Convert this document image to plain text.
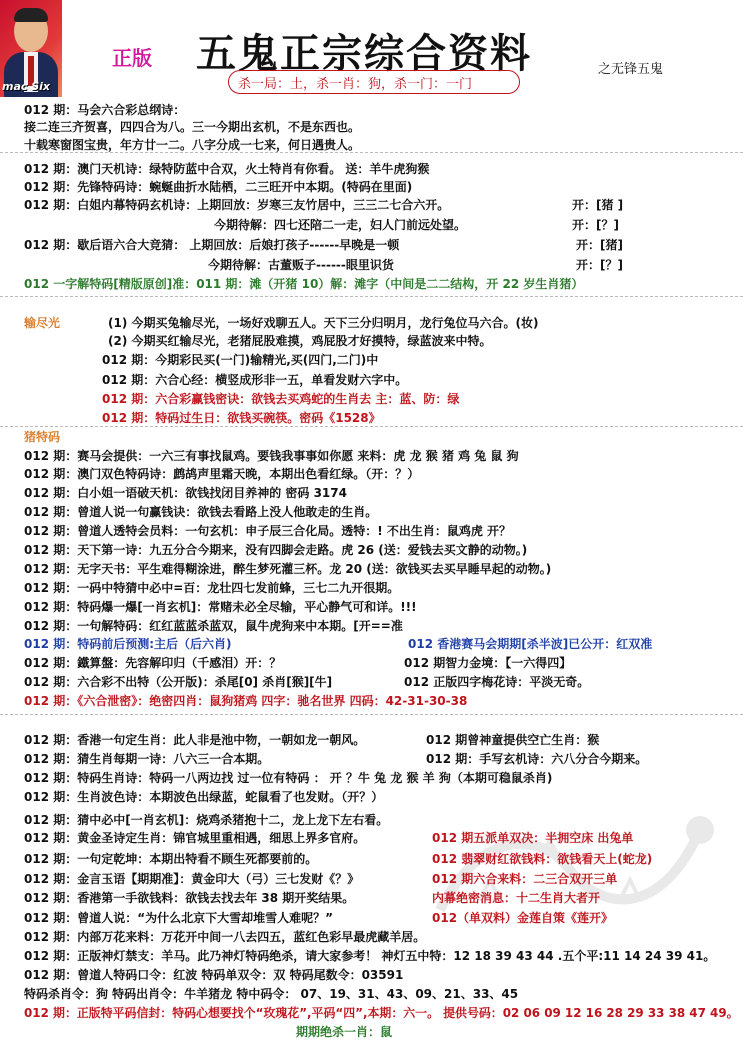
mac Six
正版 五鬼正宗综合资料
杀一局：土，杀一肖：狗，杀一门：一门
之无锋五鬼
012 期：马会六合彩总纲诗：
接二连三齐贺喜，四四合为八。三一今期出玄机，不是东西也。
十载寒窗图宝贵，年方廿一二。八字分成一七来，何日遇贵人。
012 期：澳门天机诗：绿特防蓝中合双，火土特肖有你看。 送：羊牛虎狗猴
012 期：先锋特码诗：蜿蜒曲折水陆栖，二三旺开中本期。(特码在里面)
012 期：白姐内幕特码玄机诗：上期回放：岁寒三友竹居中，三三二七合六开。	开：[猪 ]
今期待解：四七还陪二一走，妇人门前远处望。	开：[？]
012 期：歇后语六合大竞猜： 上期回放：后娘打孩子------早晚是一顿	开：[猪]
今期待解：古董贩子------眼里识货	开：[？]
012 一字解特码[精版原创]准：011 期：滩（开猪 10）解：滩字（中间是二二结构，开 22 岁生肖猪）
输尽光	(1) 今期买兔输尽光，一场好戏聊五人。天下三分归明月，龙行兔位马六合。(妆)
(2) 今期买红输尽光，老猪屁股难摸，鸡屁股才好摸特，绿蓝波来中特。
012 期：今期彩民买(一门)输精光,买(四门,二门)中
012 期：六合心经：横竖成形非一五，单看发财六字中。
012 期：六合彩赢钱密诀：欲钱去买鸡蛇的生肖去 主：蓝、防：绿
012 期：特码过生日：欲钱买碗筷。密码《1528》
猪特码
012 期：赛马会提供：一六三有事找鼠鸡。要钱我事事如你愿 来料：虎 龙 猴 猪 鸡 兔 鼠 狗
012 期：澳门双色特码诗：鹧鸪声里霜天晚，本期出色看红绿。（开：？）
012 期：白小姐一语破天机：欲钱找闭目养神的 密码 3174
012 期：曾道人说一句赢钱诀：欲钱去看路上没人他敢走的生肖。
012 期：曾道人透特会员料：一句玄机：申子辰三合化局。透特：! 不出生肖：鼠鸡虎 开？
012 期：天下第一诗：九五分合今期来，没有四脚会走路。虎 26 (送：爱钱去买文静的动物。)
012 期：无字天书：平生难得糊涂进，醉生梦死灌三杯。龙 20 (送：欲钱买去买早睡早起的动物。)
012 期：一码中特猜中必中=百：龙壮四七发前蜂，三七二九开很期。
012 期：特码爆一爆[一肖玄机]：常赌未必全尽输，平心静气可和详。!!!
012 期：一句解特码：红红蓝蓝杀蓝双，鼠牛虎狗来中本期。[开==准
012 期：特码前后预测:主后（后六肖)	012 香港赛马会期期[杀半波]已公开：红双准
012 期：鐵算盤：先容解印归（千感泪）开：？	012 期智力金境：【一六得四】
012 期：六合彩不出特（公开版)：杀尾[0] 杀肖[猴][牛]	012 正版四字梅花诗：平淡无奇。
012 期：《六合泄密》：绝密四肖：鼠狗猪鸡 四字：驰名世界 四码：42-31-30-38
012 期：香港一句定生肖：此人非是池中物，一朝如龙一朝风。	012 期曾神童提供空亡生肖：猴
012 期：猜生肖每期一诗：八六三一合本期。	012 期：手写玄机诗：六八分合今期来。
012 期：特码生肖诗：特码一八两边找 过一位有特码 ： 开 ？牛 兔 龙 猴 羊 狗（本期可稳鼠杀肖)
012 期：生肖波色诗：本期波色出绿蓝，蛇鼠看了也发财。（开？）
012 期：猜中必中[一肖玄机]：烧鸡杀猪抱十二，龙上龙下左右看。
012 期：黄金圣诗定生肖：锦官城里重相遇，细思上界多官府。	012 期五派单双决：半拥空床 出兔单
012 期：一句定乾坤：本期出特看不顾生死都要前的。	012 翡翠财红欲钱料：欲钱看天上(蛇龙)
012 期：金言玉语【期期准】：黄金印大（弓）三七发财《？》	012 期六合来料：二三合双开三单
012 期：香港第一手欲钱料：欲钱去找去年 38 期开奖结果。	内幕绝密消息：十二生肖大者开
012 期：曾道人说：“为什么北京下大雪却堆雪人难呢？”	012（单双料）金莲自策《莲开》
012 期：内部万花来料：万花开中间一八去四五，蓝红色彩早最虎藏羊居。
012 期：正版神灯禁支：羊马。此乃神灯特码绝杀，请大家参考！ 神灯五中特：12 18 39 43 44 .五个平:11 14 24 39 41。
012 期：曾道人特码口令：红波 特码单双令：双 特码尾数令：03591
特码杀肖令：狗 特码出肖令：牛羊猪龙 特中码令： 07、19、31、43、09、21、33、45
012 期：正版特平码信封：特码心想要找个“玫瑰花”,平码“四”,本期：六一。 提供号码：02 06 09 12 16 28 29 33 38 47 49。
期期绝杀一肖：鼠
